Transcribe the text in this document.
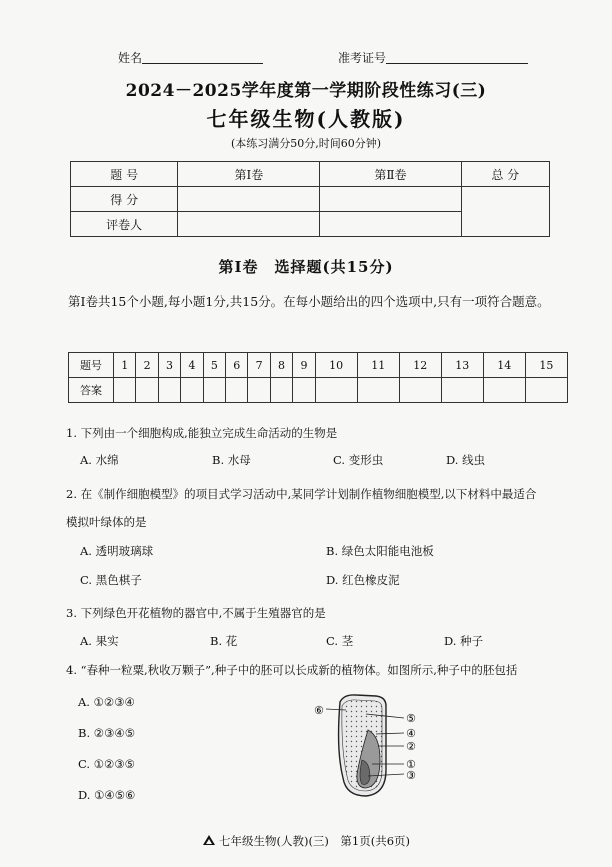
姓名	准考证号
2024－2025学年度第一学期阶段性练习(三)
七年级生物(人教版)
(本练习满分50分,时间60分钟)
题 号	第Ⅰ卷	第Ⅱ卷	总 分
得 分			
评卷人			
第Ⅰ卷　选择题(共15分)
第Ⅰ卷共15个小题,每小题1分,共15分。在每小题给出的四个选项中,只有一项符合题意。
题号	1	2	3	4	5	6	7	8	9	10	11	12	13	14	15
答案															
1. 下列由一个细胞构成,能独立完成生命活动的生物是
A. 水绵	B. 水母	C. 变形虫	D. 线虫
2. 在《制作细胞模型》的项目式学习活动中,某同学计划制作植物细胞模型,以下材料中最适合
模拟叶绿体的是
A. 透明玻璃球	B. 绿色太阳能电池板
C. 黑色棋子	D. 红色橡皮泥
3. 下列绿色开花植物的器官中,不属于生殖器官的是
A. 果实	B. 花	C. 茎	D. 种子
4. “春种一粒粟,秋收万颗子”,种子中的胚可以长成新的植物体。如图所示,种子中的胚包括
A. ①②③④
B. ②③④⑤
C. ①②③⑤
D. ①④⑤⑥
⑥
⑤
④
②
①
③
七年级生物(人教)(三)　第1页(共6页)
